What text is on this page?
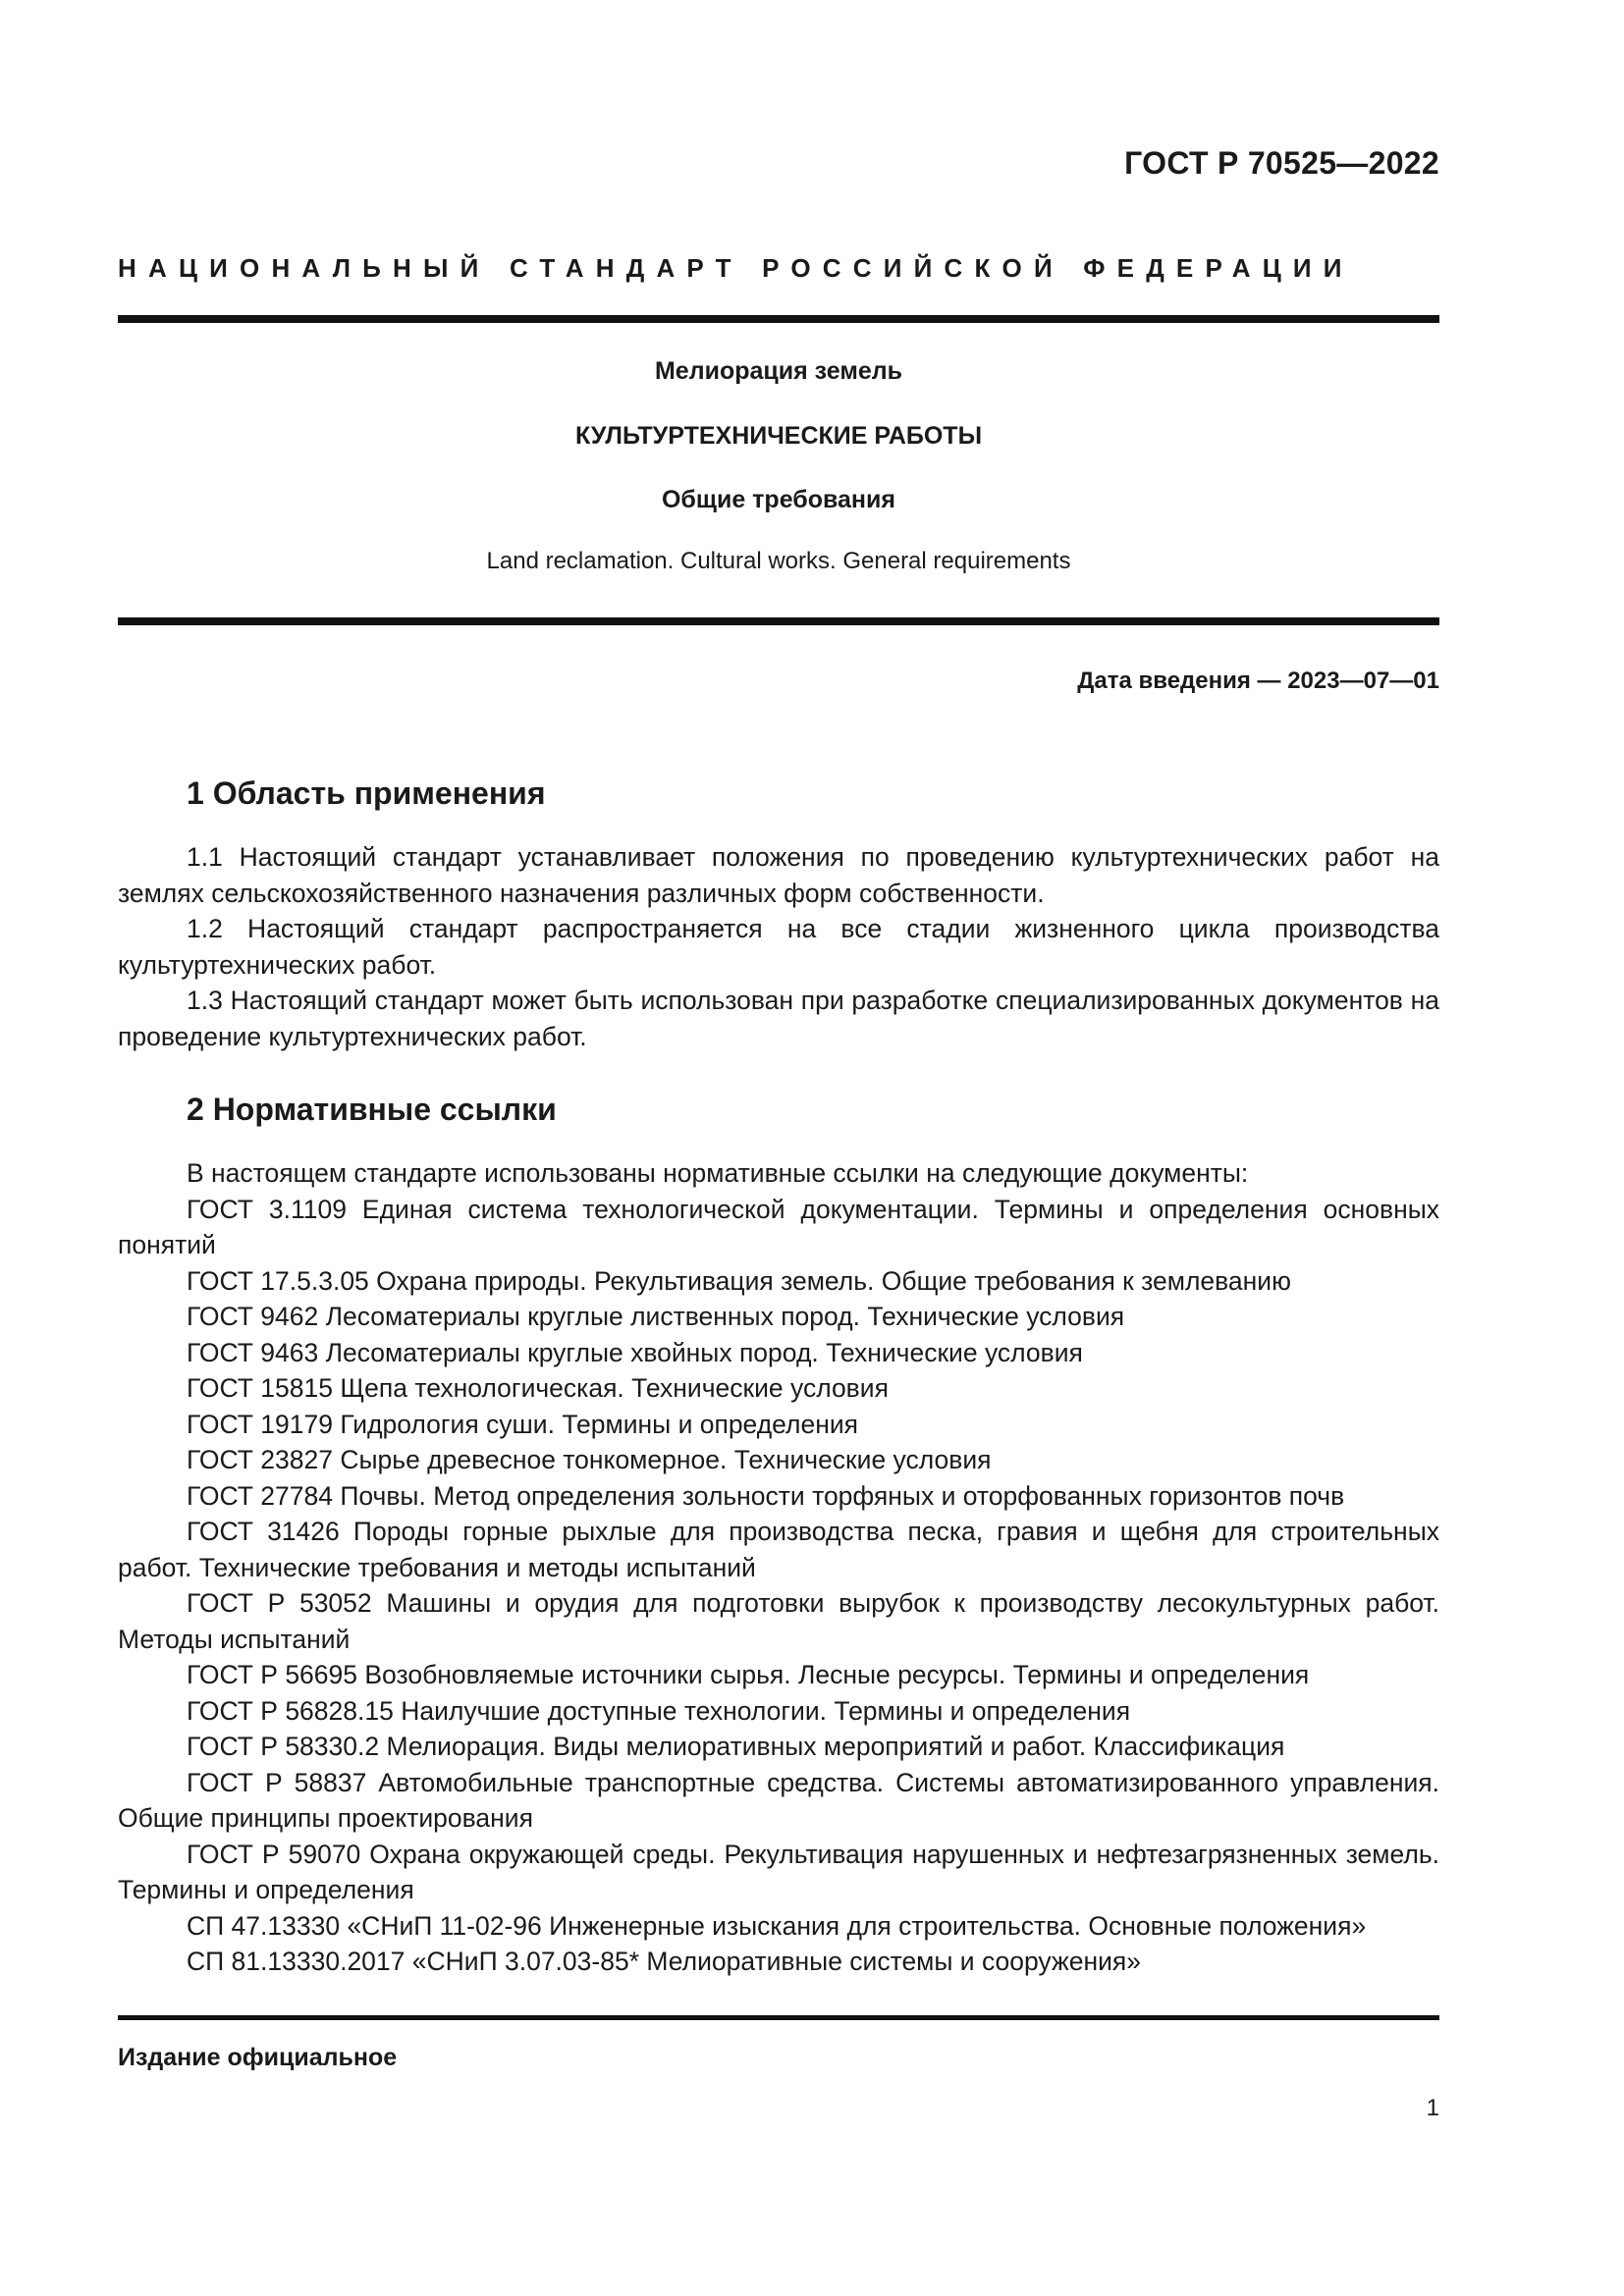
ГОСТ Р 70525—2022
НАЦИОНАЛЬНЫЙ СТАНДАРТ РОССИЙСКОЙ ФЕДЕРАЦИИ
Мелиорация земель
КУЛЬТУРТЕХНИЧЕСКИЕ РАБОТЫ
Общие требования
Land reclamation. Cultural works. General requirements
Дата введения — 2023—07—01
1 Область применения

1.1 Настоящий стандарт устанавливает положения по проведению культуртехнических работ на землях сельскохозяйственного назначения различных форм собственности.

1.2 Настоящий стандарт распространяется на все стадии жизненного цикла производства культуртехнических работ.

1.3 Настоящий стандарт может быть использован при разработке специализированных документов на проведение культуртехнических работ.

2 Нормативные ссылки

В настоящем стандарте использованы нормативные ссылки на следующие документы:

ГОСТ 3.1109 Единая система технологической документации. Термины и определения основных понятий

ГОСТ 17.5.3.05 Охрана природы. Рекультивация земель. Общие требования к землеванию

ГОСТ 9462 Лесоматериалы круглые лиственных пород. Технические условия

ГОСТ 9463 Лесоматериалы круглые хвойных пород. Технические условия

ГОСТ 15815 Щепа технологическая. Технические условия

ГОСТ 19179 Гидрология суши. Термины и определения

ГОСТ 23827 Сырье древесное тонкомерное. Технические условия

ГОСТ 27784 Почвы. Метод определения зольности торфяных и оторфованных горизонтов почв

ГОСТ 31426 Породы горные рыхлые для производства песка, гравия и щебня для строительных работ. Технические требования и методы испытаний

ГОСТ Р 53052 Машины и орудия для подготовки вырубок к производству лесокультурных работ. Методы испытаний

ГОСТ Р 56695 Возобновляемые источники сырья. Лесные ресурсы. Термины и определения

ГОСТ Р 56828.15 Наилучшие доступные технологии. Термины и определения

ГОСТ Р 58330.2 Мелиорация. Виды мелиоративных мероприятий и работ. Классификация

ГОСТ Р 58837 Автомобильные транспортные средства. Системы автоматизированного управления. Общие принципы проектирования

ГОСТ Р 59070 Охрана окружающей среды. Рекультивация нарушенных и нефтезагрязненных земель. Термины и определения

СП 47.13330 «СНиП 11-02-96 Инженерные изыскания для строительства. Основные положения»

СП 81.13330.2017 «СНиП 3.07.03-85* Мелиоративные системы и сооружения»

Издание официальное
1
